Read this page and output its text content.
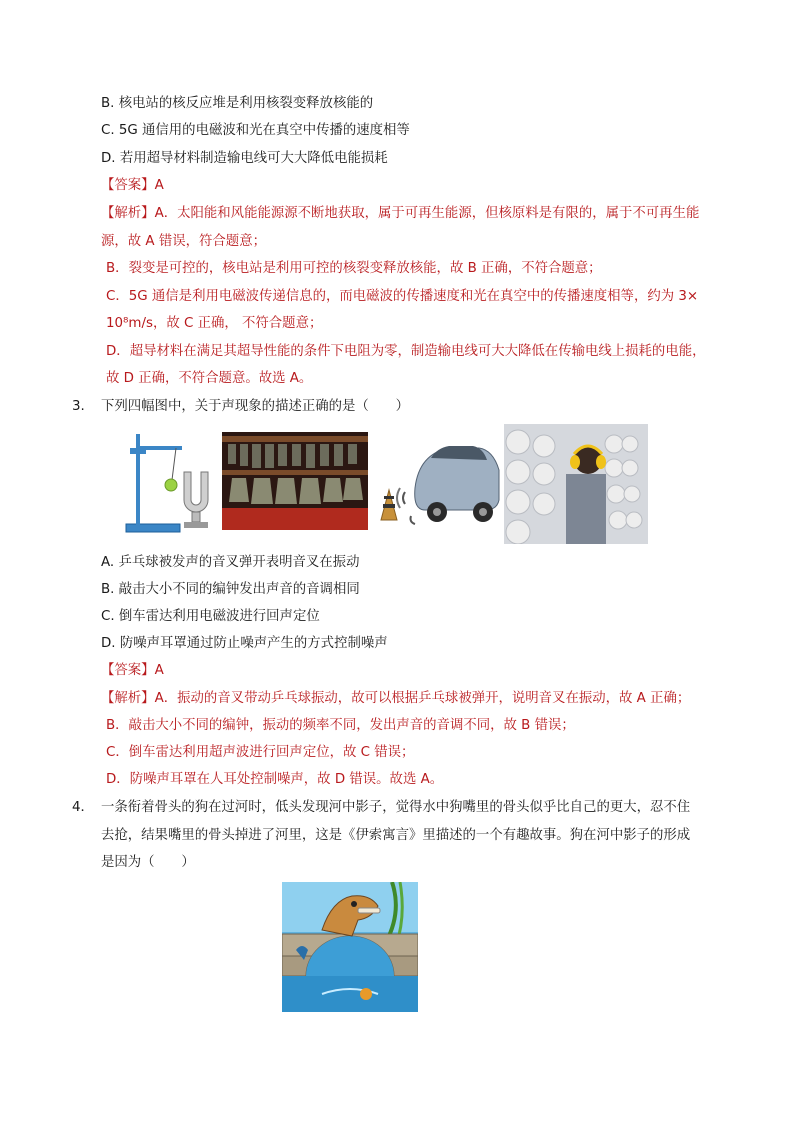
B. 核电站的核反应堆是利用核裂变释放核能的
C. 5G 通信用的电磁波和光在真空中传播的速度相等
D. 若用超导材料制造输电线可大大降低电能损耗
【答案】A
【解析】A．太阳能和风能能源源不断地获取，属于可再生能源，但核原料是有限的，属于不可再生能
源，故 A 错误，符合题意；
B．裂变是可控的，核电站是利用可控的核裂变释放核能，故 B 正确，不符合题意；
C．5G 通信是利用电磁波传递信息的，而电磁波的传播速度和光在真空中的传播速度相等，约为 3×
10⁸m/s，故 C 正确， 不符合题意；
D．超导材料在满足其超导性能的条件下电阻为零，制造输电线可大大降低在传输电线上损耗的电能，
故 D 正确，不符合题意。故选 A。
3. 下列四幅图中，关于声现象的描述正确的是（　　）
A. 乒乓球被发声的音叉弹开表明音叉在振动
B. 敲击大小不同的编钟发出声音的音调相同
C. 倒车雷达利用电磁波进行回声定位
D. 防噪声耳罩通过防止噪声产生的方式控制噪声
【答案】A
【解析】A．振动的音叉带动乒乓球振动，故可以根据乒乓球被弹开，说明音叉在振动，故 A 正确；
B．敲击大小不同的编钟，振动的频率不同，发出声音的音调不同，故 B 错误；
C．倒车雷达利用超声波进行回声定位，故 C 错误；
D．防噪声耳罩在人耳处控制噪声，故 D 错误。故选 A。
4． 一条衔着骨头的狗在过河时，低头发现河中影子，觉得水中狗嘴里的骨头似乎比自己的更大，忍不住
去抢，结果嘴里的骨头掉进了河里，这是《伊索寓言》里描述的一个有趣故事。狗在河中影子的形成
是因为（　　）
